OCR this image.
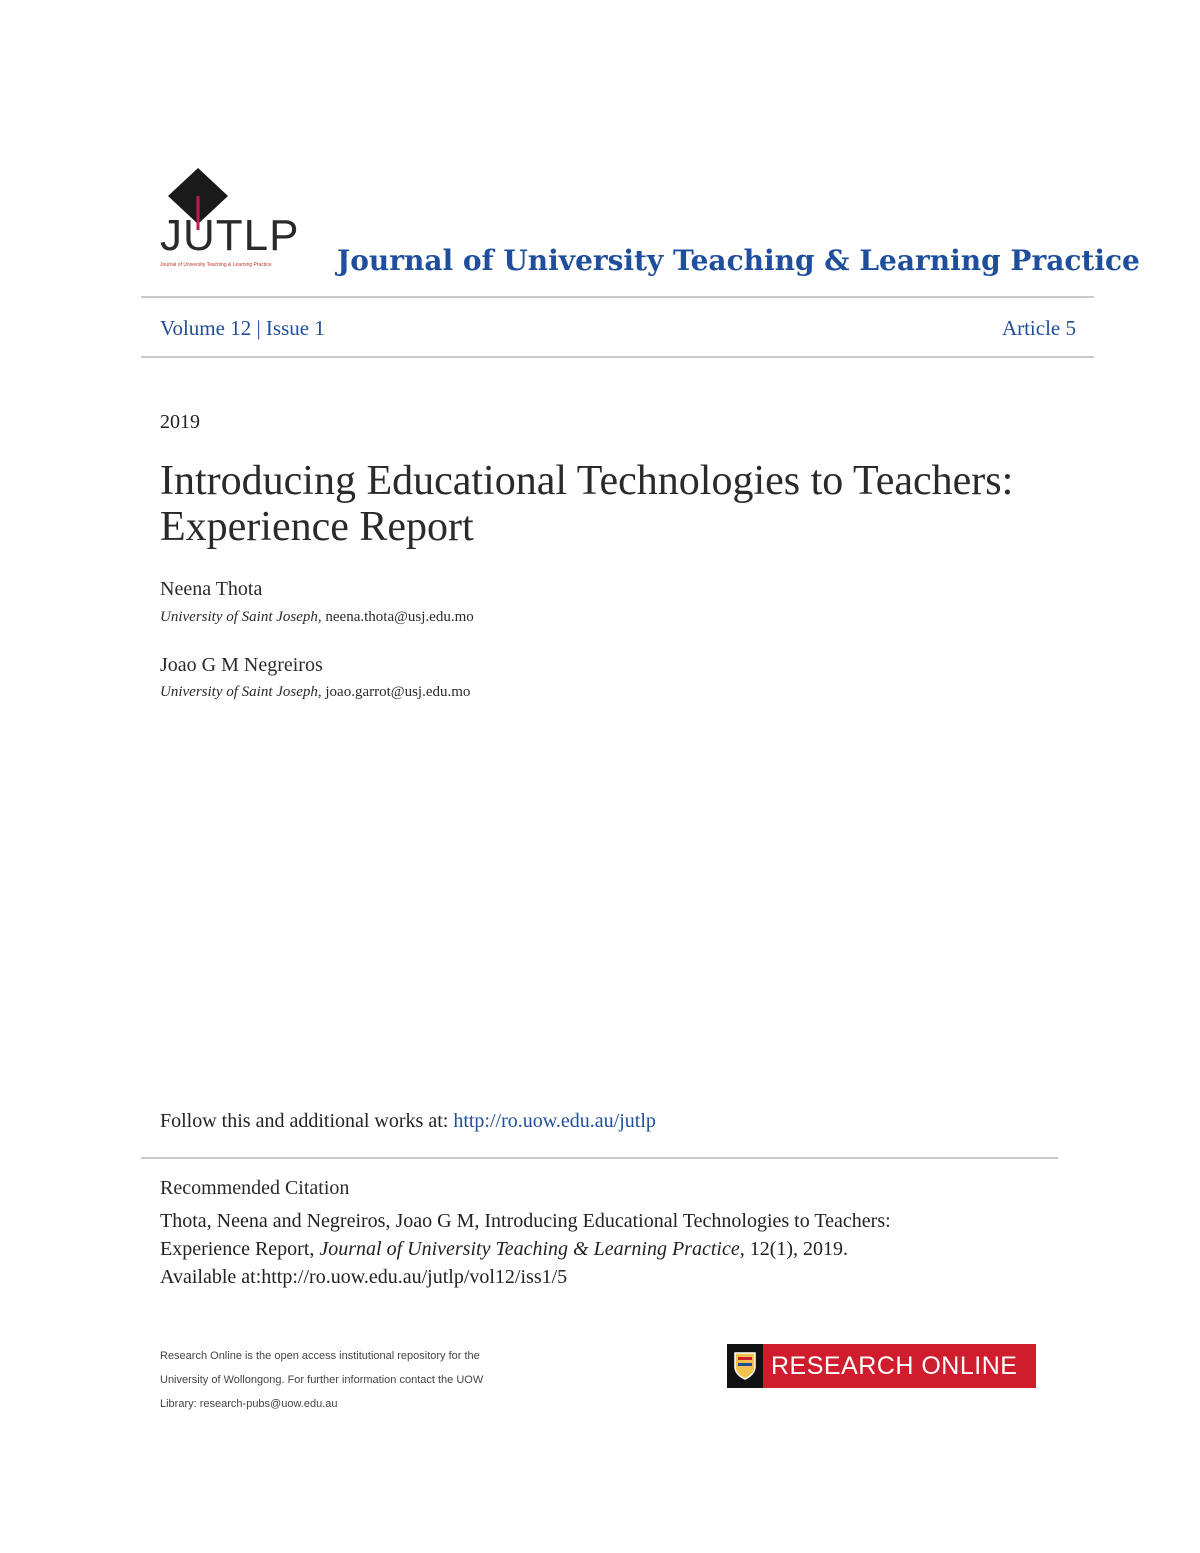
JUTLP
Journal of University Teaching & Learning Practice	Journal of University Teaching & Learning Practice
Volume 12 | Issue 1	Article 5
2019
Introducing Educational Technologies to Teachers:
Experience Report
Neena Thota
University of Saint Joseph, neena.thota@usj.edu.mo
Joao G M Negreiros
University of Saint Joseph, joao.garrot@usj.edu.mo
Follow this and additional works at: http://ro.uow.edu.au/jutlp
Recommended Citation
Thota, Neena and Negreiros, Joao G M, Introducing Educational Technologies to Teachers:
Experience Report, Journal of University Teaching & Learning Practice, 12(1), 2019.
Available at:http://ro.uow.edu.au/jutlp/vol12/iss1/5
Research Online is the open access institutional repository for the
University of Wollongong. For further information contact the UOW
Library: research-pubs@uow.edu.au
RESEARCH ONLINE
